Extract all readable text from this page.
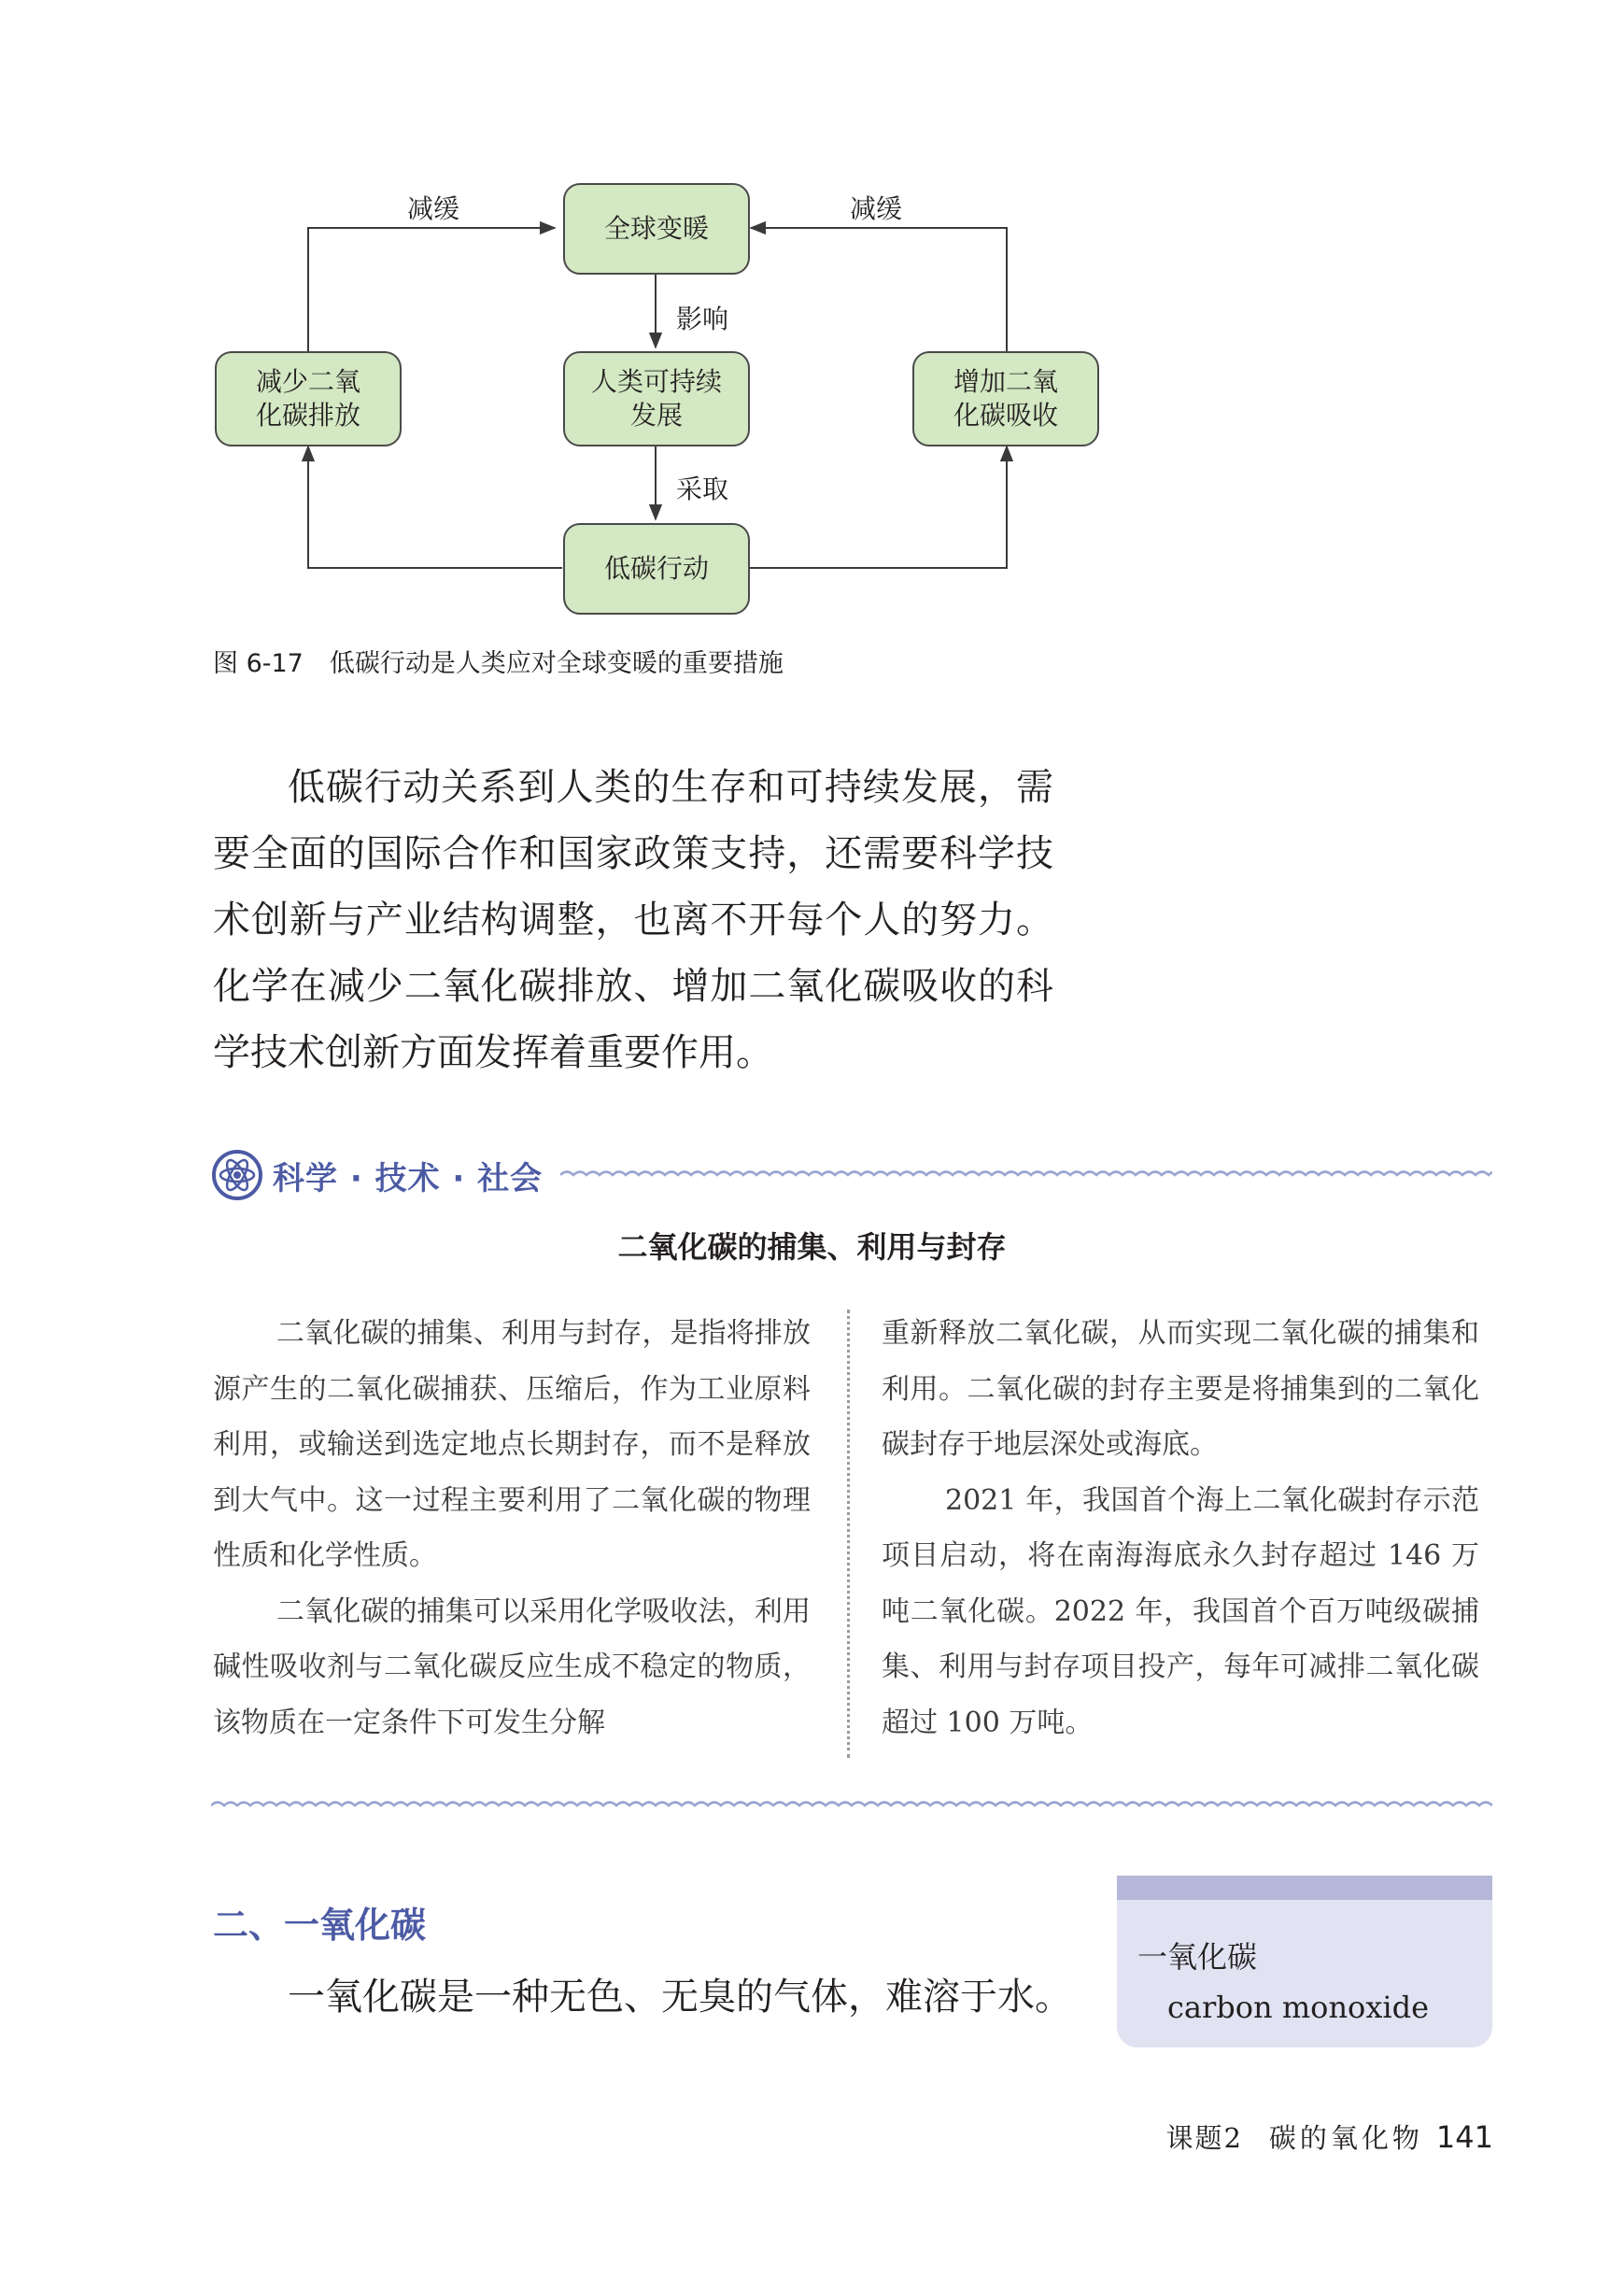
全球变暖
减少二氧
化碳排放
人类可持续
发展
增加二氧
化碳吸收
低碳行动
减缓	减缓
影响
采取
图 6-17 低碳行动是人类应对全球变暖的重要措施
低碳行动关系到人类的生存和可持续发展，需要全面的国际合作和国家政策支持，还需要科学技术创新与产业结构调整，也离不开每个人的努力。化学在减少二氧化碳排放、增加二氧化碳吸收的科学技术创新方面发挥着重要作用。
科学 · 技术 · 社会
二氧化碳的捕集、利用与封存

二氧化碳的捕集、利用与封存，是指将排放源产生的二氧化碳捕获、压缩后，作为工业原料利用，或输送到选定地点长期封存，而不是释放到大气中。这一过程主要利用了二氧化碳的物理性质和化学性质。

二氧化碳的捕集可以采用化学吸收法，利用碱性吸收剂与二氧化碳反应生成不稳定的物质，该物质在一定条件下可发生分解

重新释放二氧化碳，从而实现二氧化碳的捕集和利用。二氧化碳的封存主要是将捕集到的二氧化碳封存于地层深处或海底。

2021 年，我国首个海上二氧化碳封存示范项目启动，将在南海海底永久封存超过 146 万吨二氧化碳。2022 年，我国首个百万吨级碳捕集、利用与封存项目投产，每年可减排二氧化碳超过 100 万吨。

二、一氧化碳
一氧化碳是一种无色、无臭的气体，难溶于水。
一氧化碳
carbon monoxide
课题2 碳的氧化物 141
